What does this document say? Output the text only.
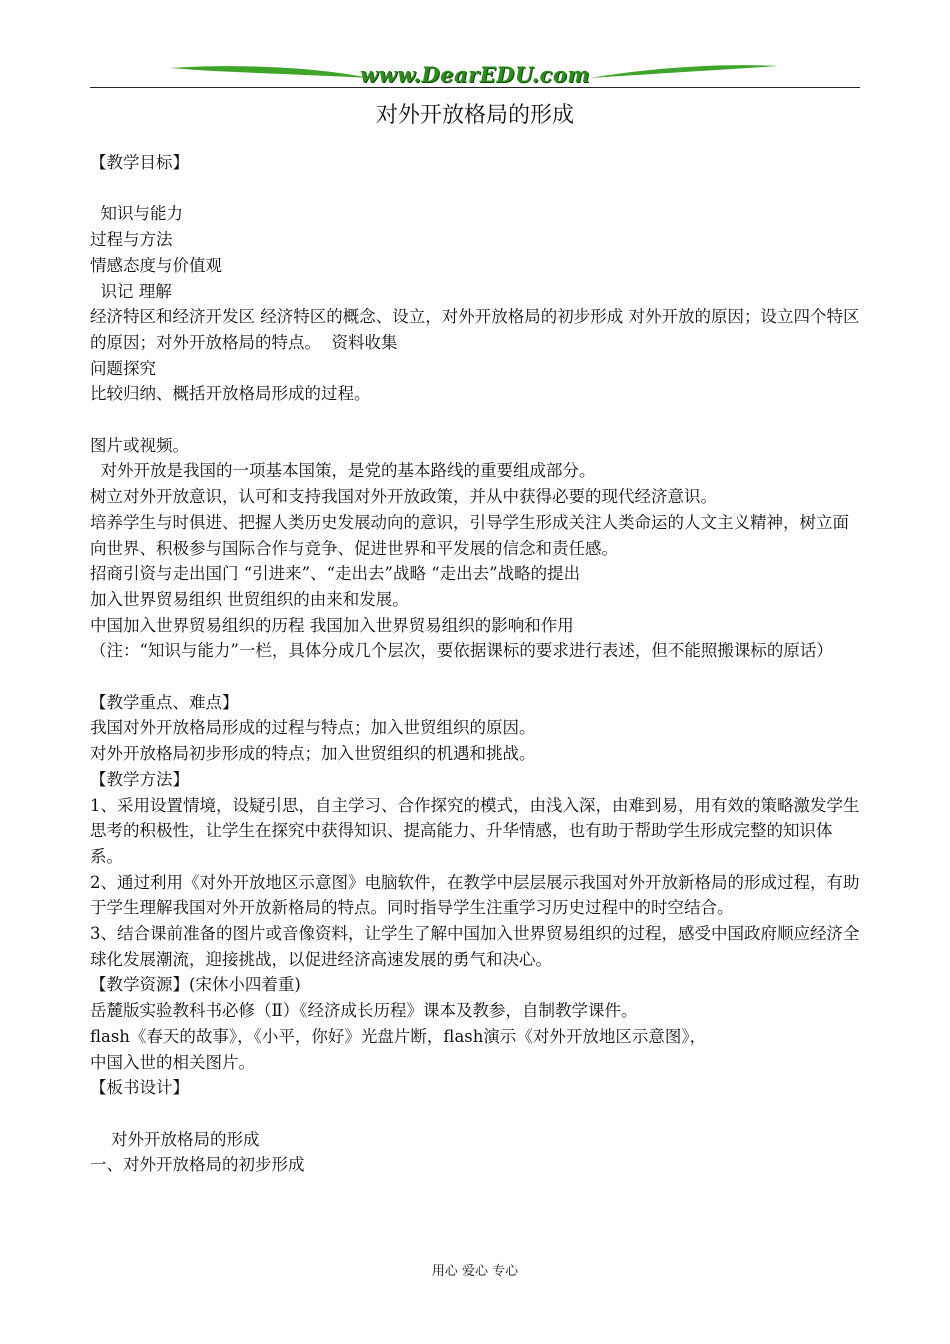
www.DearEDU.com
对外开放格局的形成

【教学目标】

知识与能力

过程与方法

情感态度与价值观

识记 理解

经济特区和经济开发区 经济特区的概念、设立，对外开放格局的初步形成 对外开放的原因；设立四个特区的原因；对外开放格局的特点。  资料收集

问题探究

比较归纳、概括开放格局形成的过程。

图片或视频。

对外开放是我国的一项基本国策，是党的基本路线的重要组成部分。

树立对外开放意识，认可和支持我国对外开放政策，并从中获得必要的现代经济意识。

培养学生与时俱进、把握人类历史发展动向的意识，引导学生形成关注人类命运的人文主义精神，树立面向世界、积极参与国际合作与竞争、促进世界和平发展的信念和责任感。

招商引资与走出国门 “引进来”、“走出去”战略 “走出去”战略的提出

加入世界贸易组织 世贸组织的由来和发展。

中国加入世界贸易组织的历程 我国加入世界贸易组织的影响和作用

（注：“知识与能力”一栏，具体分成几个层次，要依据课标的要求进行表述，但不能照搬课标的原话）

【教学重点、难点】

我国对外开放格局形成的过程与特点；加入世贸组织的原因。

对外开放格局初步形成的特点；加入世贸组织的机遇和挑战。

【教学方法】

1、采用设置情境，设疑引思，自主学习、合作探究的模式，由浅入深，由难到易，用有效的策略激发学生思考的积极性，让学生在探究中获得知识、提高能力、升华情感，也有助于帮助学生形成完整的知识体系。

2、通过利用《对外开放地区示意图》电脑软件，在教学中层层展示我国对外开放新格局的形成过程，有助于学生理解我国对外开放新格局的特点。同时指导学生注重学习历史过程中的时空结合。

3、结合课前准备的图片或音像资料，让学生了解中国加入世界贸易组织的过程，感受中国政府顺应经济全球化发展潮流，迎接挑战，以促进经济高速发展的勇气和决心。

【教学资源】(宋休小四着重)

岳麓版实验教科书必修（Ⅱ）《经济成长历程》课本及教参，自制教学课件。

flash《春天的故事》，《小平，你好》光盘片断，flash演示《对外开放地区示意图》，

中国入世的相关图片。

【板书设计】

对外开放格局的形成

一、对外开放格局的初步形成

用心 爱心 专心
